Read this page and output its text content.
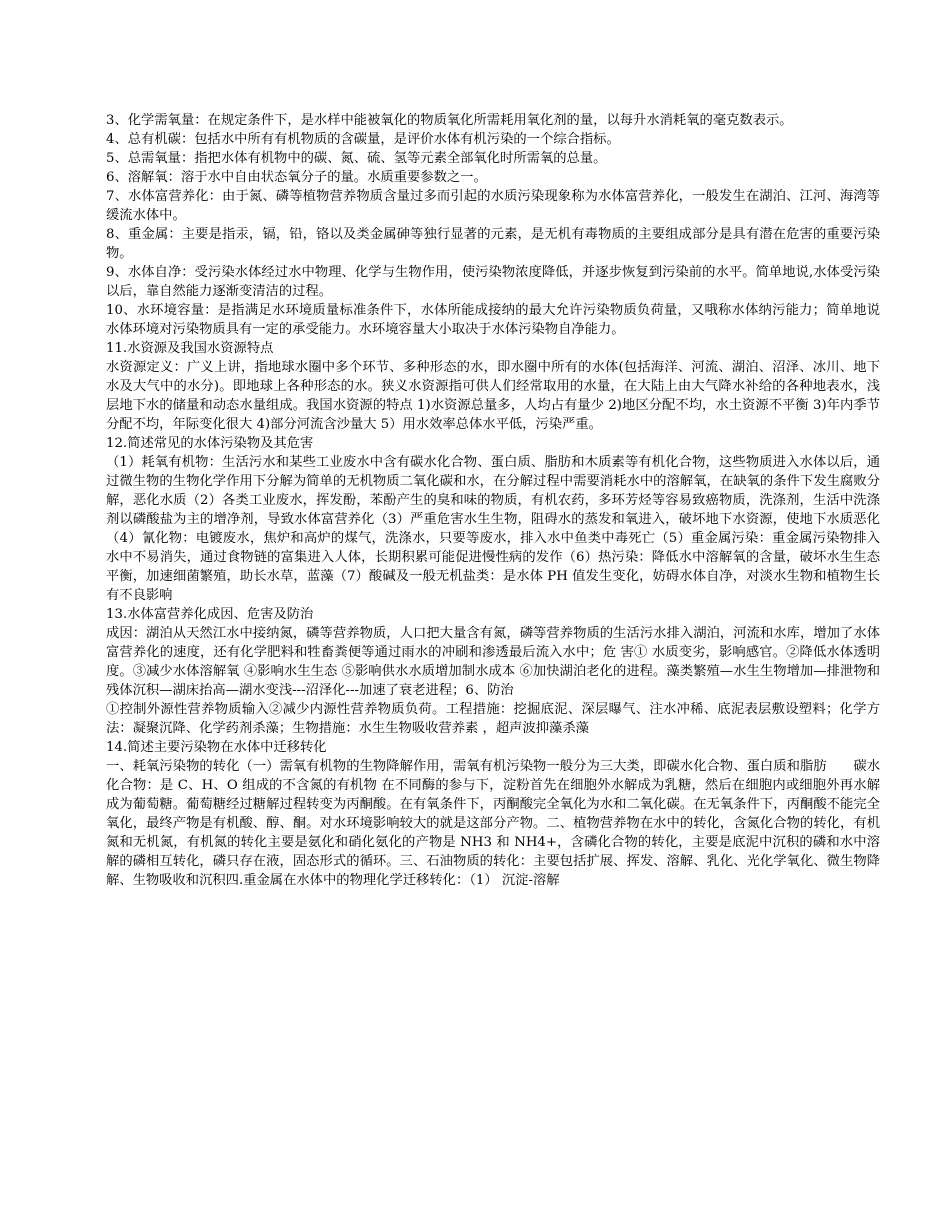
3、化学需氧量：在规定条件下，是水样中能被氧化的物质氧化所需耗用氧化剂的量，以每升水消耗氧的毫克数表示。

4、总有机碳：包括水中所有有机物质的含碳量，是评价水体有机污染的一个综合指标。

5、总需氧量：指把水体有机物中的碳、氮、硫、氢等元素全部氧化时所需氧的总量。

6、溶解氧：溶于水中自由状态氧分子的量。水质重要参数之一。

7、水体富营养化：由于氮、磷等植物营养物质含量过多而引起的水质污染现象称为水体富营养化，一般发生在湖泊、江河、海湾等缓流水体中。

8、重金属：主要是指汞，镉，铅，铬以及类金属砷等独行显著的元素，是无机有毒物质的主要组成部分是具有潜在危害的重要污染物。

9、水体自净：受污染水体经过水中物理、化学与生物作用，使污染物浓度降低，并逐步恢复到污染前的水平。简单地说,水体受污染以后，靠自然能力逐渐变清洁的过程。

10、水环境容量：是指满足水环境质量标准条件下，水体所能成接纳的最大允许污染物质负荷量，又哦称水体纳污能力；简单地说水体环境对污染物质具有一定的承受能力。水环境容量大小取决于水体污染物自净能力。

11.水资源及我国水资源特点

水资源定义：广义上讲，指地球水圈中多个环节、多种形态的水，即水圈中所有的水体(包括海洋、河流、湖泊、沼泽、冰川、地下水及大气中的水分)。即地球上各种形态的水。狭义水资源指可供人们经常取用的水量，在大陆上由大气降水补给的各种地表水，浅层地下水的储量和动态水量组成。我国水资源的特点 1)水资源总量多，人均占有量少 2)地区分配不均，水土资源不平衡 3)年内季节分配不均，年际变化很大 4)部分河流含沙量大 5）用水效率总体水平低，污染严重。

12.简述常见的水体污染物及其危害

（1）耗氧有机物：生活污水和某些工业废水中含有碳水化合物、蛋白质、脂肪和木质素等有机化合物，这些物质进入水体以后，通过微生物的生物化学作用下分解为简单的无机物质二氧化碳和水，在分解过程中需要消耗水中的溶解氧，在缺氧的条件下发生腐败分解，恶化水质（2）各类工业废水，挥发酚，苯酚产生的臭和味的物质，有机农药，多环芳烃等容易致癌物质，洗涤剂，生活中洗涤剂以磷酸盐为主的增净剂，导致水体富营养化（3）严重危害水生生物，阻碍水的蒸发和氧进入，破坏地下水资源，使地下水质恶化（4）氰化物：电镀废水，焦炉和高炉的煤气，洗涤水，只要等废水，排入水中鱼类中毒死亡（5）重金属污染：重金属污染物排入水中不易消失，通过食物链的富集进入人体，长期积累可能促进慢性病的发作（6）热污染：降低水中溶解氧的含量，破坏水生生态平衡，加速细菌繁殖，助长水草，蓝藻（7）酸碱及一般无机盐类：是水体 PH 值发生变化，妨碍水体自净，对淡水生物和植物生长有不良影响

13.水体富营养化成因、危害及防治

成因：湖泊从天然江水中接纳氮，磷等营养物质，人口把大量含有氮，磷等营养物质的生活污水排入湖泊，河流和水库，增加了水体富营养化的速度，还有化学肥料和牲畜粪便等通过雨水的冲刷和渗透最后流入水中；危 害① 水质变劣，影响感官。②降低水体透明度。③减少水体溶解氧 ④影响水生生态 ⑤影响供水水质增加制水成本 ⑥加快湖泊老化的进程。藻类繁殖—水生生物增加—排泄物和残体沉积—湖床抬高—湖水变浅---沼泽化---加速了衰老进程；6、防治

①控制外源性营养物质输入②减少内源性营养物质负荷。工程措施：挖掘底泥、深层曝气、注水冲稀、底泥表层敷设塑料；化学方法：凝聚沉降、化学药剂杀藻；生物措施：水生生物吸收营养素 ，超声波抑藻杀藻

14.简述主要污染物在水体中迁移转化

一、耗氧污染物的转化（一）需氧有机物的生物降解作用，需氧有机污染物一般分为三大类，即碳水化合物、蛋白质和脂肪　　碳水化合物：是 C、H、O 组成的不含氮的有机物 在不同酶的参与下，淀粉首先在细胞外水解成为乳糖，然后在细胞内或细胞外再水解成为葡萄糖。葡萄糖经过糖解过程转变为丙酮酸。在有氧条件下，丙酮酸完全氧化为水和二氧化碳。在无氧条件下，丙酮酸不能完全氧化，最终产物是有机酸、醇、酮。对水环境影响较大的就是这部分产物。二、植物营养物在水中的转化，含氮化合物的转化，有机氮和无机氮，有机氮的转化主要是氨化和硝化氨化的产物是 NH3 和 NH4+，含磷化合物的转化，主要是底泥中沉积的磷和水中溶解的磷相互转化，磷只存在液，固态形式的循环。三、石油物质的转化：主要包括扩展、挥发、溶解、乳化、光化学氧化、微生物降解、生物吸收和沉积四.重金属在水体中的物理化学迁移转化：（1） 沉淀-溶解
